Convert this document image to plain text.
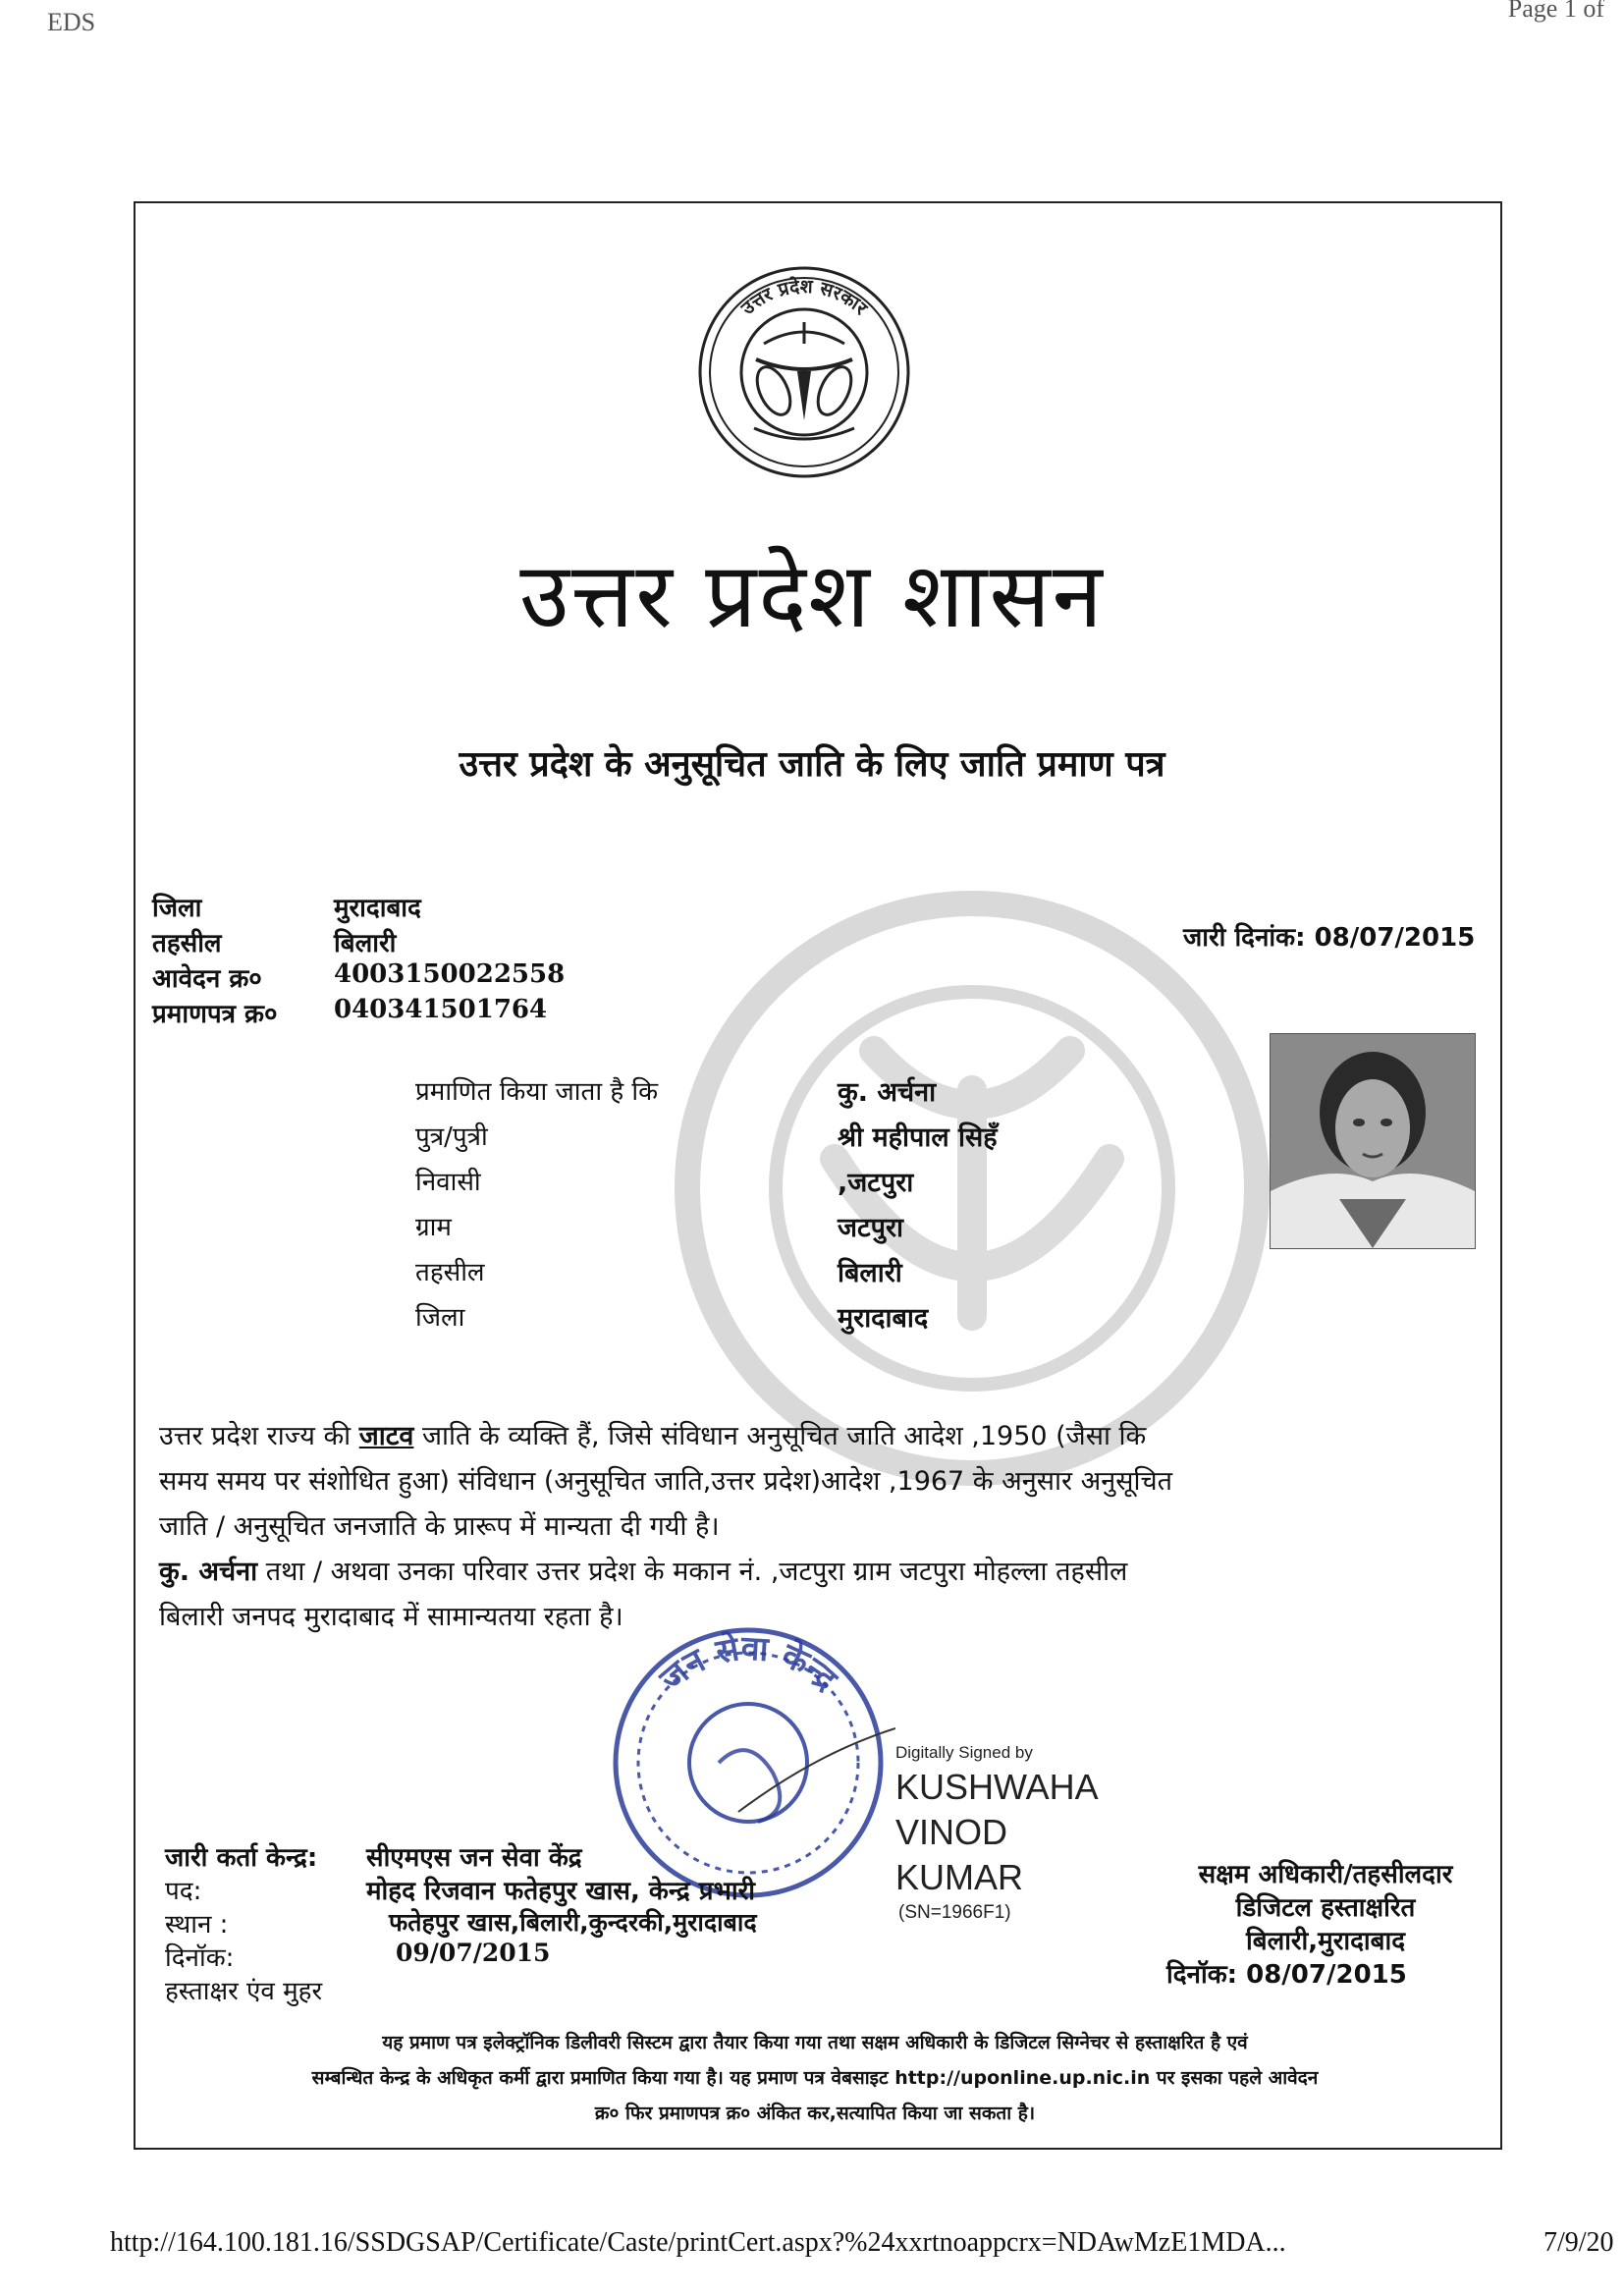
EDS	Page 1 of
उत्तर प्रदेश सरकार
उत्तर प्रदेश शासन
उत्तर प्रदेश के अनुसूचित जाति के लिए जाति प्रमाण पत्र
जिला	मुरादाबाद
तहसील	बिलारी
आवेदन क्र०	4003150022558
प्रमाणपत्र क्र० 040341501764
जारी दिनांक: 08/07/2015
प्रमाणित किया जाता है कि	कु. अर्चना
पुत्र/पुत्री	श्री महीपाल सिहँ
निवासी	,जटपुरा
ग्राम	जटपुरा
तहसील	बिलारी
जिला	मुरादाबाद
उत्तर प्रदेश राज्य की जाटव जाति के व्यक्ति हैं, जिसे संविधान अनुसूचित जाति आदेश ,1950 (जैसा कि
समय समय पर संशोधित हुआ) संविधान (अनुसूचित जाति,उत्तर प्रदेश)आदेश ,1967 के अनुसार अनुसूचित
जाति / अनुसूचित जनजाति के प्रारूप में मान्यता दी गयी है।
कु. अर्चना तथा / अथवा उनका परिवार उत्तर प्रदेश के मकान नं. ,जटपुरा ग्राम जटपुरा मोहल्ला तहसील
बिलारी जनपद मुरादाबाद में सामान्यतया रहता है।
जन सेवा केन्द्र
Digitally Signed by
KUSHWAHA
VINOD
KUMAR
(SN=1966F1)
जारी कर्ता केन्द्र: सीएमएस जन सेवा केंद्र
पद:	मोहद रिजवान फतेहपुर खास, केन्द्र प्रभारी
स्थान :	फतेहपुर खास,बिलारी,कुन्दरकी,मुरादाबाद
दिनॉक:	09/07/2015
हस्ताक्षर एंव मुहर
सक्षम अधिकारी/तहसीलदार
डिजिटल हस्ताक्षरित
बिलारी,मुरादाबाद
दिनॉक: 08/07/2015
यह प्रमाण पत्र इलेक्ट्रॉनिक डिलीवरी सिस्टम द्वारा तैयार किया गया तथा सक्षम अधिकारी के डिजिटल सिग्नेचर से हस्ताक्षरित है एवं
सम्बन्धित केन्द्र के अधिकृत कर्मी द्वारा प्रमाणित किया गया है। यह प्रमाण पत्र वेबसाइट http://uponline.up.nic.in पर इसका पहले आवेदन
क्र० फिर प्रमाणपत्र क्र० अंकित कर,सत्यापित किया जा सकता है।
http://164.100.181.16/SSDGSAP/Certificate/Caste/printCert.aspx?%24xxrtnoappcrx=NDAwMzE1MDA...	7/9/20
